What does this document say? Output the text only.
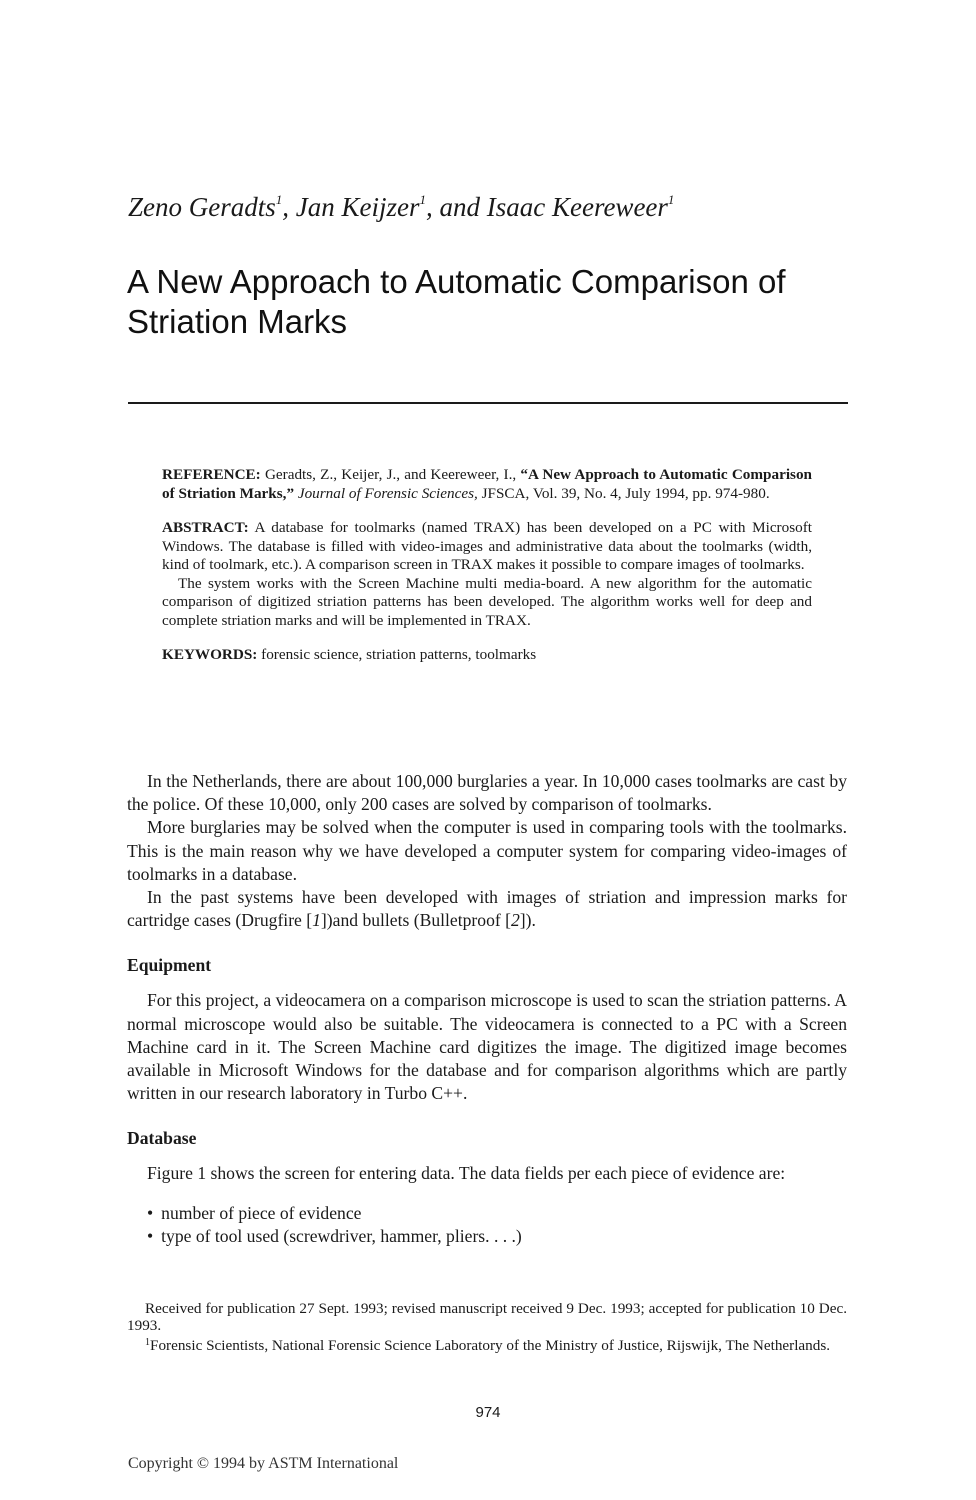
Zeno Geradts$^1$, Jan Keijzer$^1$, and Isaac Keereweer$^1$
A New Approach to Automatic Comparison of Striation Marks

REFERENCE: Geradts, Z., Keijer, J., and Keereweer, I., “A New Approach to Automatic Comparison of Striation Marks,” Journal of Forensic Sciences, JFSCA, Vol. 39, No. 4, July 1994, pp. 974-980.

ABSTRACT: A database for toolmarks (named TRAX) has been developed on a PC with Microsoft Windows. The database is filled with video-images and administrative data about the toolmarks (width, kind of toolmark, etc.). A comparison screen in TRAX makes it possible to compare images of toolmarks.

The system works with the Screen Machine multi media-board. A new algorithm for the automatic comparison of digitized striation patterns has been developed. The algorithm works well for deep and complete striation marks and will be implemented in TRAX.

KEYWORDS: forensic science, striation patterns, toolmarks

In the Netherlands, there are about 100,000 burglaries a year. In 10,000 cases toolmarks are cast by the police. Of these 10,000, only 200 cases are solved by comparison of toolmarks.

More burglaries may be solved when the computer is used in comparing tools with the toolmarks. This is the main reason why we have developed a computer system for comparing video-images of toolmarks in a database.

In the past systems have been developed with images of striation and impression marks for cartridge cases (Drugfire [1])and bullets (Bulletproof [2]).

Equipment

For this project, a videocamera on a comparison microscope is used to scan the striation patterns. A normal microscope would also be suitable. The videocamera is connected to a PC with a Screen Machine card in it. The Screen Machine card digitizes the image. The digitized image becomes available in Microsoft Windows for the database and for comparison algorithms which are partly written in our research laboratory in Turbo C++.

Database

Figure 1 shows the screen for entering data. The data fields per each piece of evidence are:

• number of piece of evidence
• type of tool used (screwdriver, hammer, pliers. . . .)

Received for publication 27 Sept. 1993; revised manuscript received 9 Dec. 1993; accepted for publication 10 Dec. 1993.

$^1$Forensic Scientists, National Forensic Science Laboratory of the Ministry of Justice, Rijswijk, The Netherlands.

974
Copyright © 1994 by ASTM International
